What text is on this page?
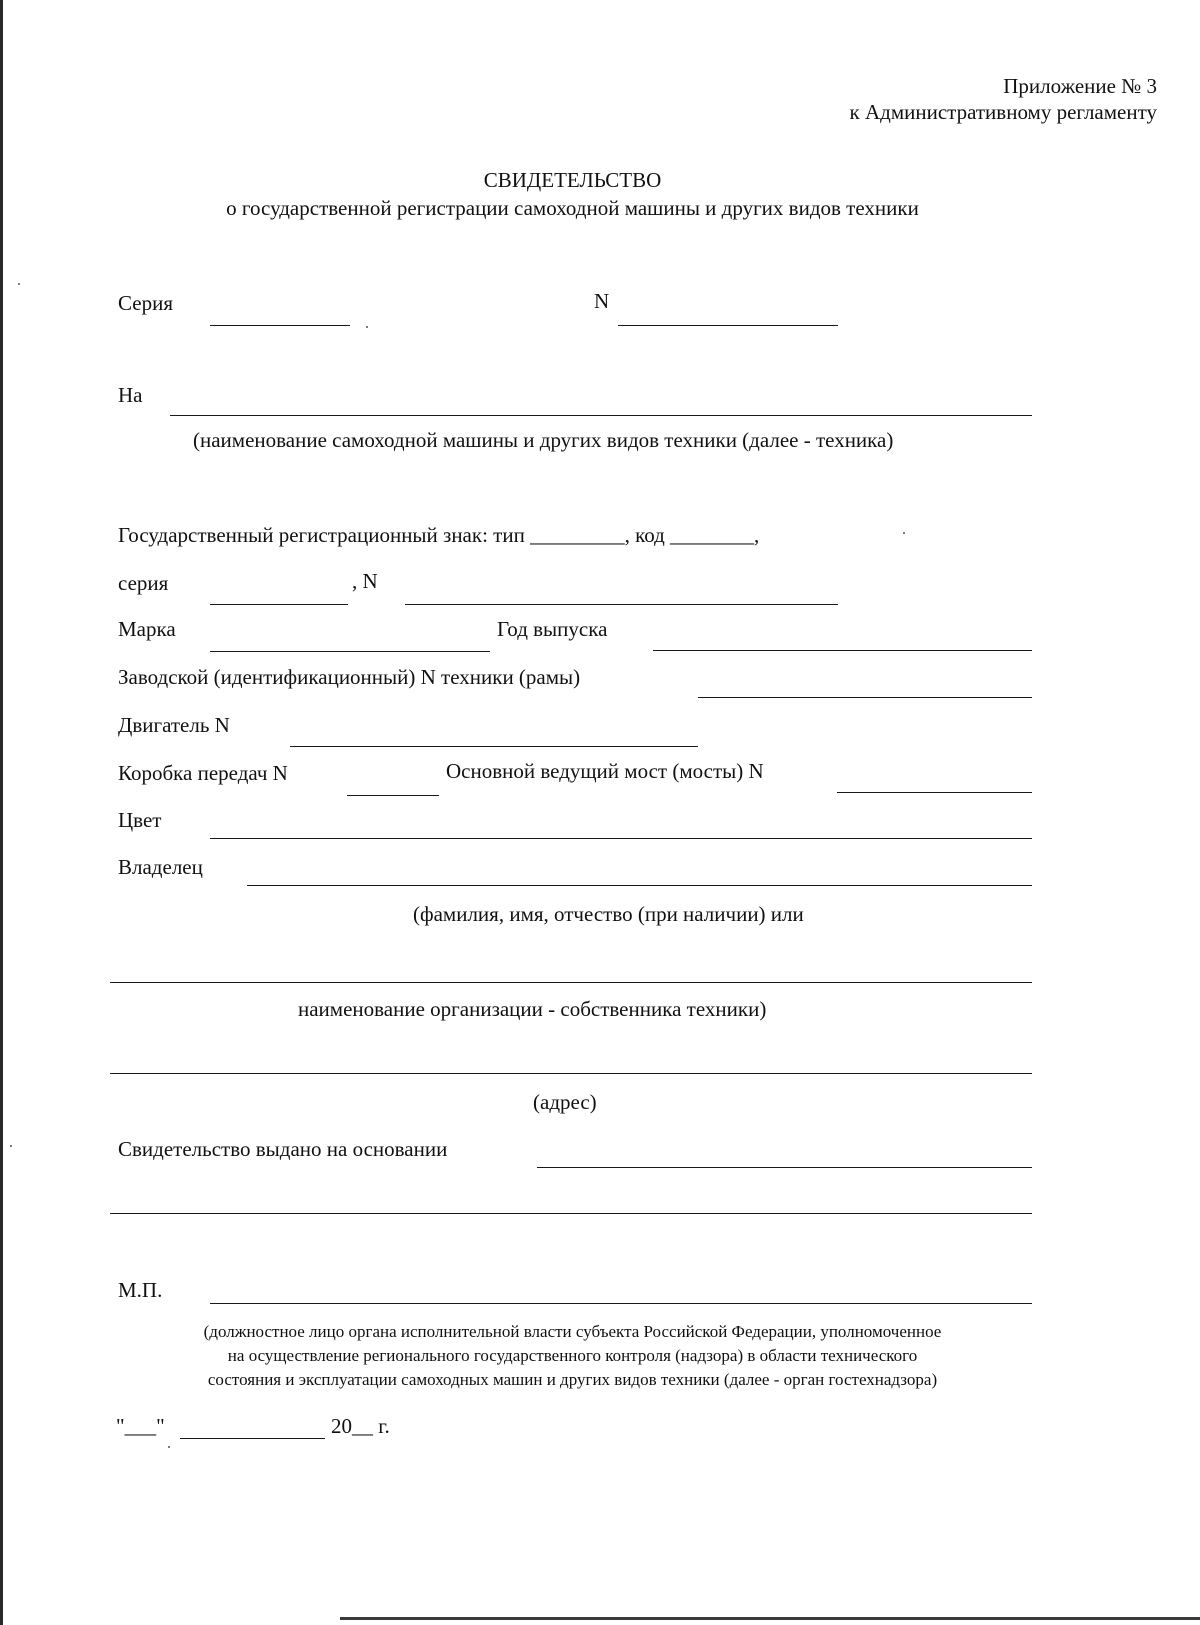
Приложение № 3
к Административному регламенту
СВИДЕТЕЛЬСТВО
о государственной регистрации самоходной машины и других видов техники
Серия	N
На
(наименование самоходной машины и других видов техники (далее - техника)
Государственный регистрационный знак: тип _________, код ________,
серия	, N
Марка	Год выпуска
Заводской (идентификационный) N техники (рамы)
Двигатель N
Коробка передач N	Основной ведущий мост (мосты) N
Цвет
Владелец
(фамилия, имя, отчество (при наличии) или
наименование организации - собственника техники)
(адрес)
Свидетельство выдано на основании
М.П.
(должностное лицо органа исполнительной власти субъекта Российской Федерации, уполномоченное
на осуществление регионального государственного контроля (надзора) в области технического
состояния и эксплуатации самоходных машин и других видов техники (далее - орган гостехнадзора)
"___"	20__ г.
